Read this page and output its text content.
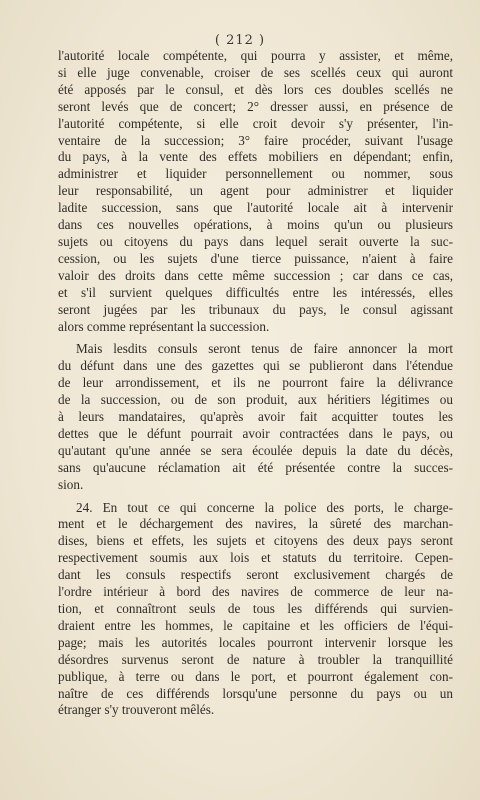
( 212 )
l'autorité locale compétente, qui pourra y assister, et même,
si elle juge convenable, croiser de ses scellés ceux qui auront
été apposés par le consul, et dès lors ces doubles scellés ne
seront levés que de concert; 2° dresser aussi, en présence de
l'autorité compétente, si elle croit devoir s'y présenter, l'in-
ventaire de la succession; 3° faire procéder, suivant l'usage
du pays, à la vente des effets mobiliers en dépendant; enfin,
administrer et liquider personnellement ou nommer, sous
leur responsabilité, un agent pour administrer et liquider
ladite succession, sans que l'autorité locale ait à intervenir
dans ces nouvelles opérations, à moins qu'un ou plusieurs
sujets ou citoyens du pays dans lequel serait ouverte la suc-
cession, ou les sujets d'une tierce puissance, n'aient à faire
valoir des droits dans cette même succession ; car dans ce cas,
et s'il survient quelques difficultés entre les intéressés, elles
seront jugées par les tribunaux du pays, le consul agissant
alors comme représentant la succession.
Mais lesdits consuls seront tenus de faire annoncer la mort
du défunt dans une des gazettes qui se publieront dans l'étendue
de leur arrondissement, et ils ne pourront faire la délivrance
de la succession, ou de son produit, aux héritiers légitimes ou
à leurs mandataires, qu'après avoir fait acquitter toutes les
dettes que le défunt pourrait avoir contractées dans le pays, ou
qu'autant qu'une année se sera écoulée depuis la date du décès,
sans qu'aucune réclamation ait été présentée contre la succes-
sion.
24. En tout ce qui concerne la police des ports, le charge-
ment et le déchargement des navires, la sûreté des marchan-
dises, biens et effets, les sujets et citoyens des deux pays seront
respectivement soumis aux lois et statuts du territoire. Cepen-
dant les consuls respectifs seront exclusivement chargés de
l'ordre intérieur à bord des navires de commerce de leur na-
tion, et connaîtront seuls de tous les différends qui survien-
draient entre les hommes, le capitaine et les officiers de l'équi-
page; mais les autorités locales pourront intervenir lorsque les
désordres survenus seront de nature à troubler la tranquillité
publique, à terre ou dans le port, et pourront également con-
naître de ces différends lorsqu'une personne du pays ou un
étranger s'y trouveront mêlés.
